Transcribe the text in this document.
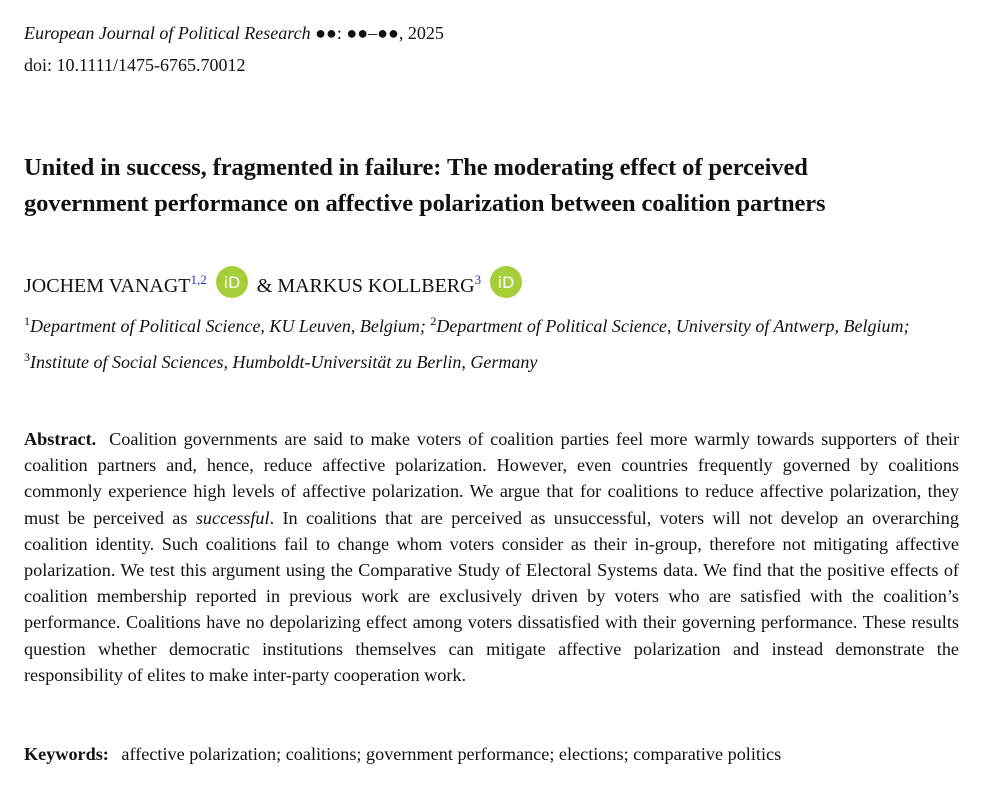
European Journal of Political Research ●●: ●●–●●, 2025
doi: 10.1111/1475-6765.70012
United in success, fragmented in failure: The moderating effect of perceived
government performance on affective polarization between coalition partners
JOCHEM VANAGT$^{1,2}$ iD & MARKUS KOLLBERG$^3$ iD
$^1$Department of Political Science, KU Leuven, Belgium; $^2$Department of Political Science, University of Antwerp, Belgium; $^3$Institute of Social Sciences, Humboldt-Universität zu Berlin, Germany

Abstract. Coalition governments are said to make voters of coalition parties feel more warmly towards supporters of their coalition partners and, hence, reduce affective polarization. However, even countries frequently governed by coalitions commonly experience high levels of affective polarization. We argue that for coalitions to reduce affective polarization, they must be perceived as successful. In coalitions that are perceived as unsuccessful, voters will not develop an overarching coalition identity. Such coalitions fail to change whom voters consider as their in-group, therefore not mitigating affective polarization. We test this argument using the Comparative Study of Electoral Systems data. We find that the positive effects of coalition membership reported in previous work are exclusively driven by voters who are satisfied with the coalition’s performance. Coalitions have no depolarizing effect among voters dissatisfied with their governing performance. These results question whether democratic institutions themselves can mitigate affective polarization and instead demonstrate the responsibility of elites to make inter-party cooperation work.

Keywords: affective polarization; coalitions; government performance; elections; comparative politics
